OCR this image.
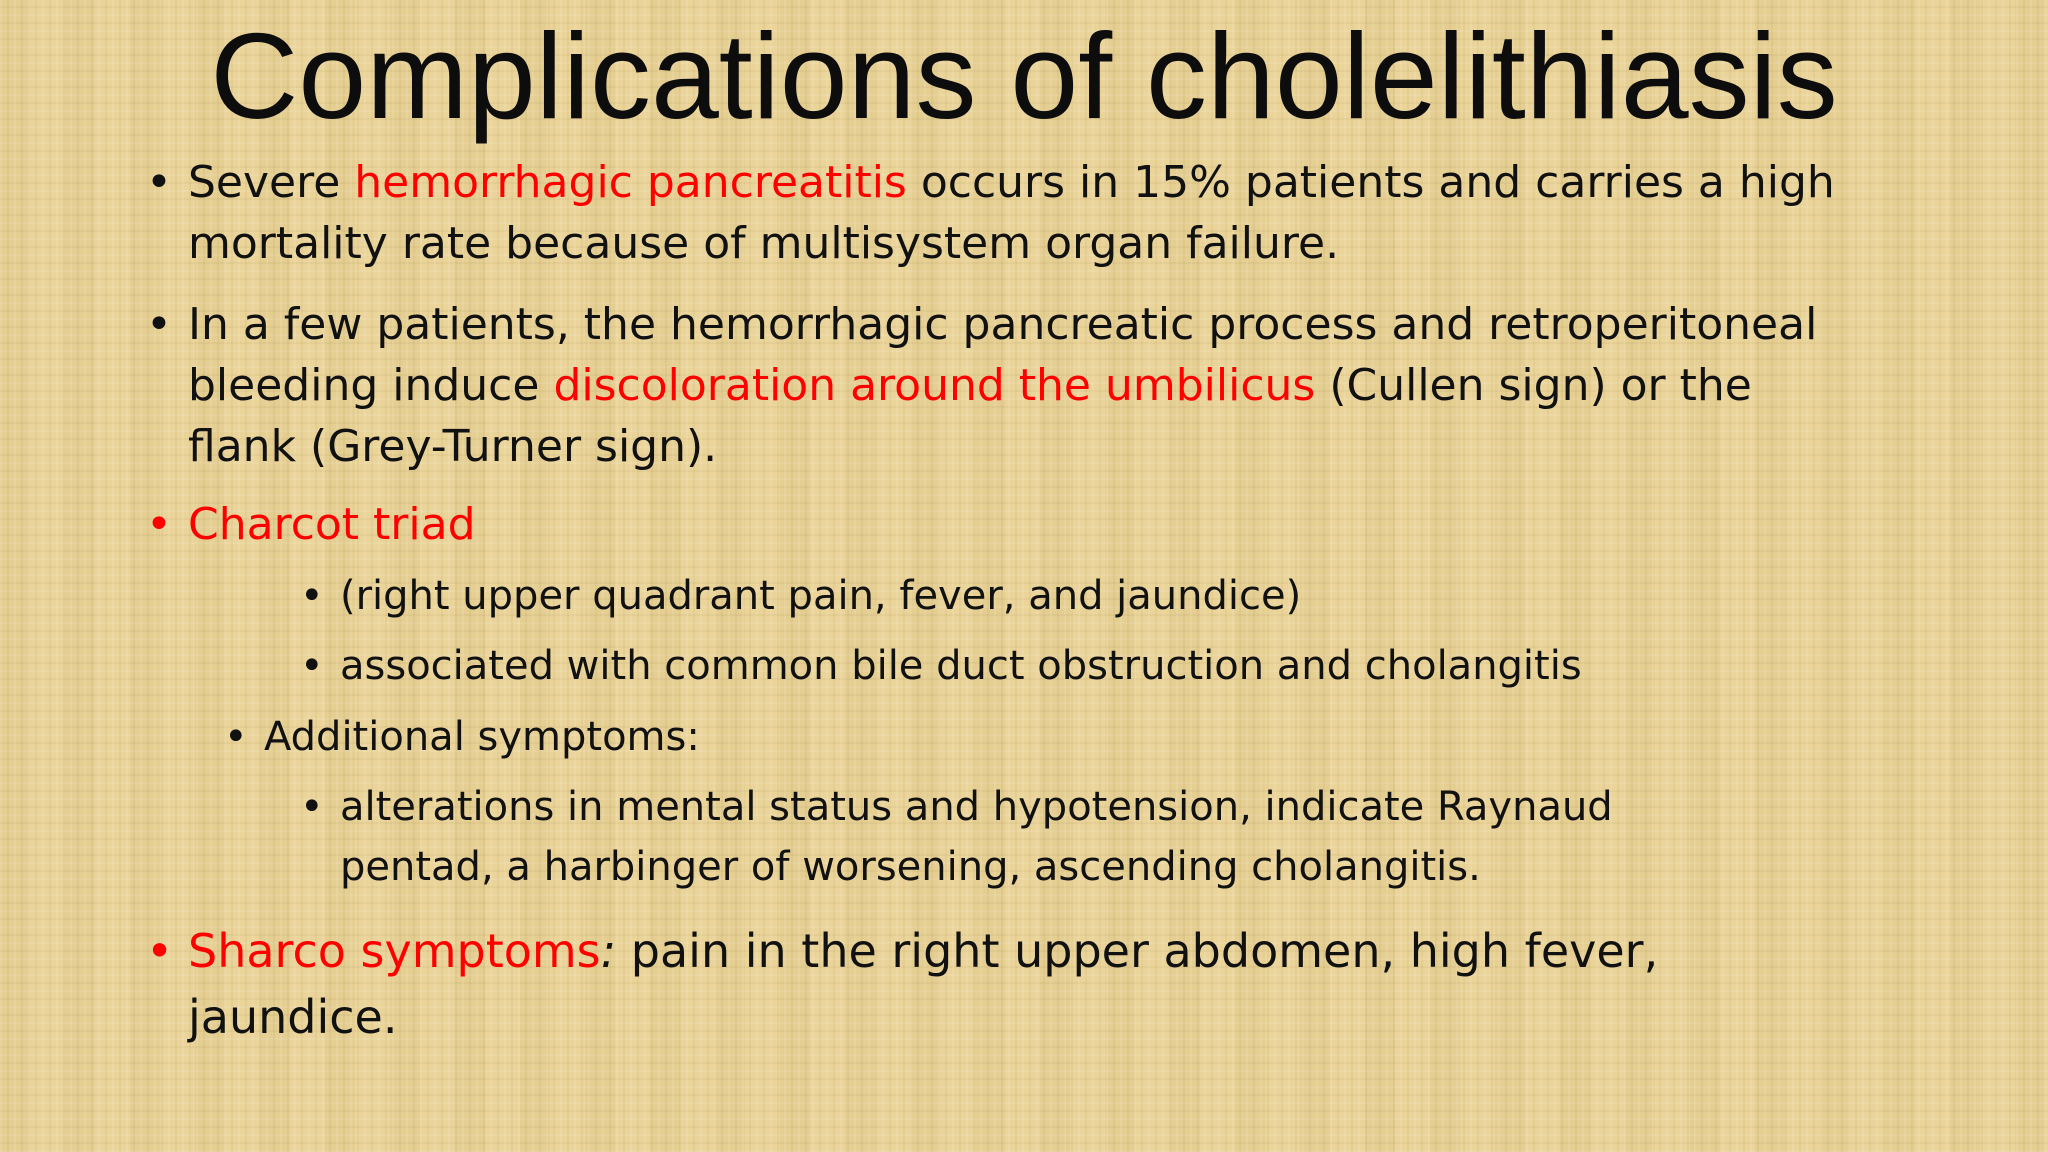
Complications of cholelithiasis
• Severe hemorrhagic pancreatitis occurs in 15% patients and carries a high
mortality rate because of multisystem organ failure.
• In a few patients, the hemorrhagic pancreatic process and retroperitoneal
bleeding induce discoloration around the umbilicus (Cullen sign) or the
flank (Grey-Turner sign).
• Charcot triad
• (right upper quadrant pain, fever, and jaundice)
• associated with common bile duct obstruction and cholangitis
• Additional symptoms:
• alterations in mental status and hypotension, indicate Raynaud
pentad, a harbinger of worsening, ascending cholangitis.
• Sharco symptoms: pain in the right upper abdomen, high fever,
jaundice.
